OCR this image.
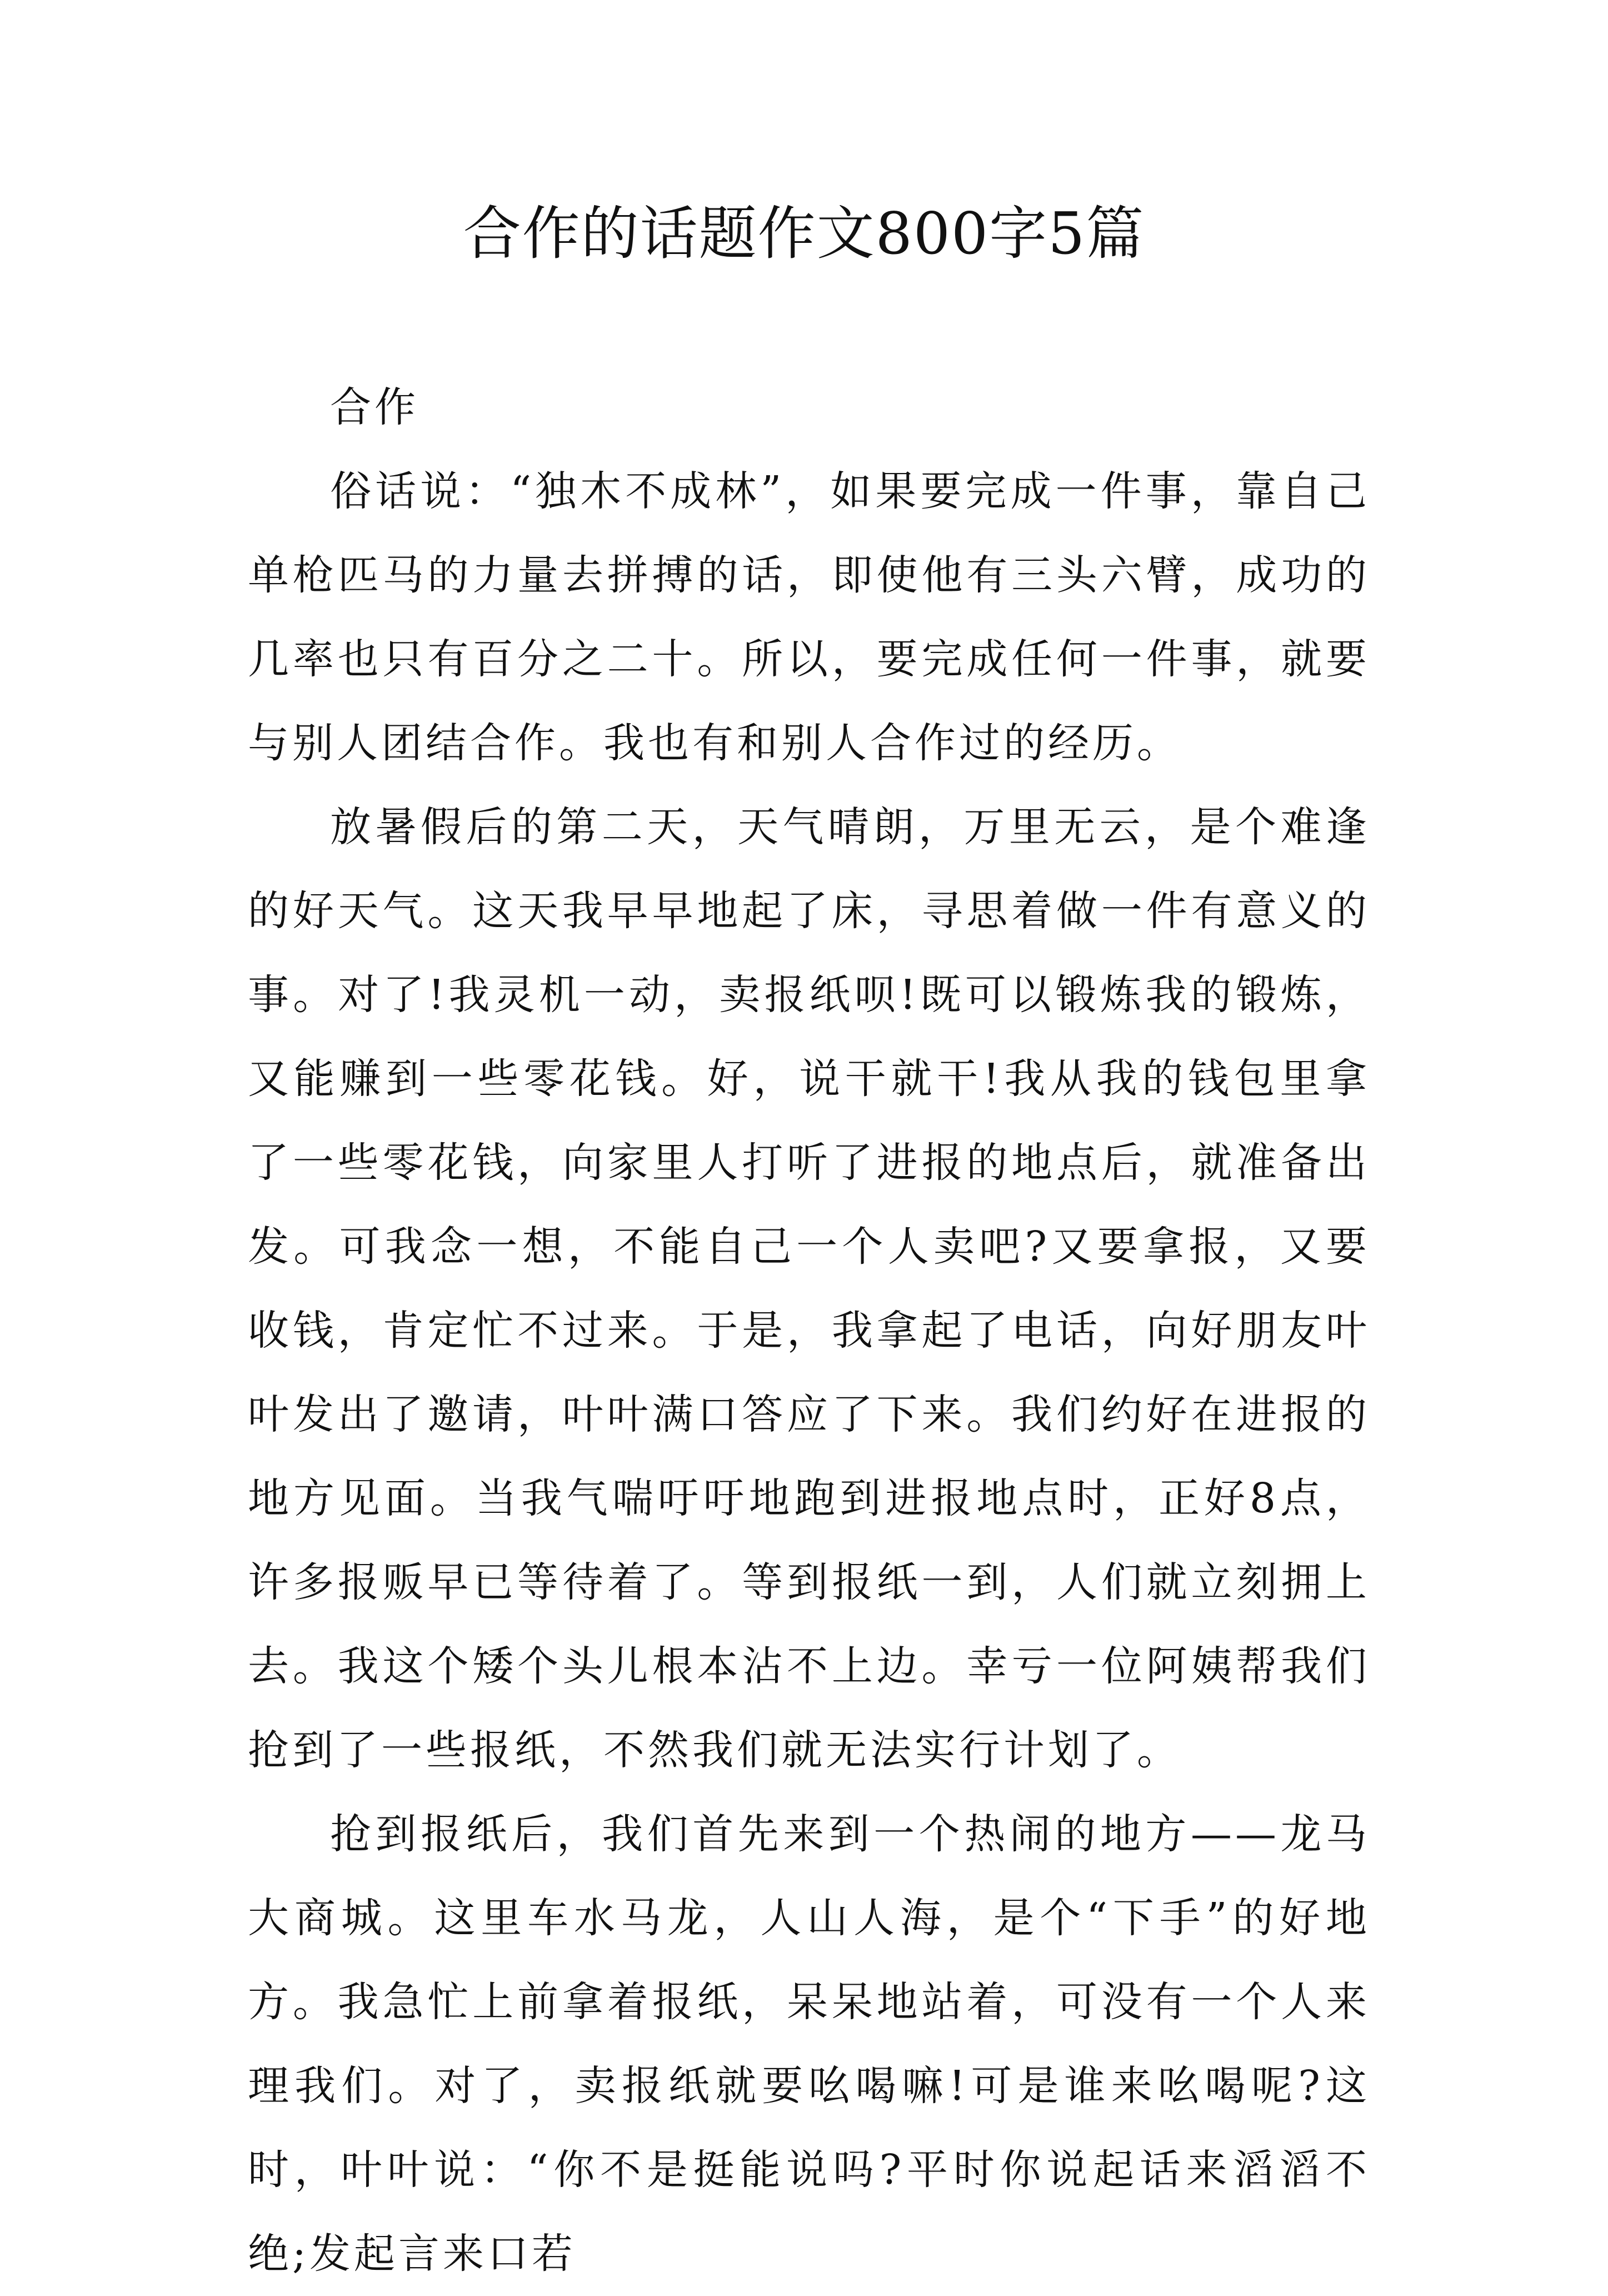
合作的话题作文800字5篇

合作

俗话说：“独木不成林”，如果要完成一件事，靠自己单枪匹马的力量去拼搏的话，即使他有三头六臂，成功的几率也只有百分之二十。所以，要完成任何一件事，就要与别人团结合作。我也有和别人合作过的经历。

放暑假后的第二天，天气晴朗，万里无云，是个难逢的好天气。这天我早早地起了床，寻思着做一件有意义的事。对了!我灵机一动，卖报纸呗!既可以锻炼我的锻炼，又能赚到一些零花钱。好，说干就干!我从我的钱包里拿了一些零花钱，向家里人打听了进报的地点后，就准备出发。可我念一想，不能自己一个人卖吧?又要拿报，又要收钱，肯定忙不过来。于是，我拿起了电话，向好朋友叶叶发出了邀请，叶叶满口答应了下来。我们约好在进报的地方见面。当我气喘吁吁地跑到进报地点时，正好8点，许多报贩早已等待着了。等到报纸一到，人们就立刻拥上去。我这个矮个头儿根本沾不上边。幸亏一位阿姨帮我们抢到了一些报纸，不然我们就无法实行计划了。

抢到报纸后，我们首先来到一个热闹的地方——龙马大商城。这里车水马龙，人山人海，是个“下手”的好地方。我急忙上前拿着报纸，呆呆地站着，可没有一个人来理我们。对了，卖报纸就要吆喝嘛!可是谁来吆喝呢?这时，叶叶说：“你不是挺能说吗?平时你说起话来滔滔不绝;发起言来口若
